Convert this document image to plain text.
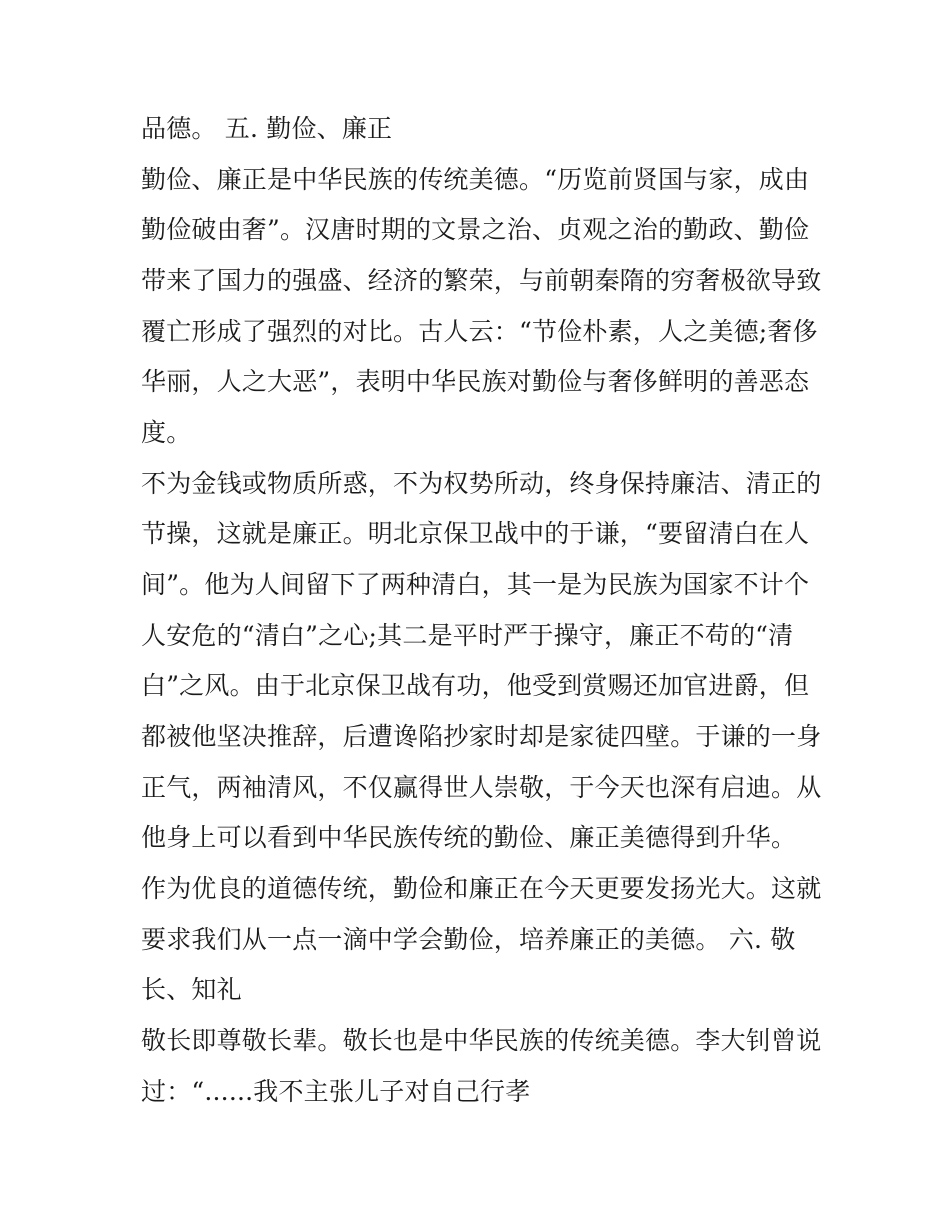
品德。 五. 勤俭、廉正

勤俭、廉正是中华民族的传统美德。“历览前贤国与家，成由

勤俭破由奢”。汉唐时期的文景之治、贞观之治的勤政、勤俭

带来了国力的强盛、经济的繁荣，与前朝秦隋的穷奢极欲导致

覆亡形成了强烈的对比。古人云：“节俭朴素，人之美德;奢侈

华丽，人之大恶”，表明中华民族对勤俭与奢侈鲜明的善恶态

度。

不为金钱或物质所惑，不为权势所动，终身保持廉洁、清正的

节操，这就是廉正。明北京保卫战中的于谦，“要留清白在人

间”。他为人间留下了两种清白，其一是为民族为国家不计个

人安危的“清白”之心;其二是平时严于操守，廉正不苟的“清

白”之风。由于北京保卫战有功，他受到赏赐还加官进爵，但

都被他坚决推辞，后遭谗陷抄家时却是家徒四壁。于谦的一身

正气，两袖清风，不仅赢得世人崇敬，于今天也深有启迪。从

他身上可以看到中华民族传统的勤俭、廉正美德得到升华。

作为优良的道德传统，勤俭和廉正在今天更要发扬光大。这就

要求我们从一点一滴中学会勤俭，培养廉正的美德。 六. 敬

长、知礼

敬长即尊敬长辈。敬长也是中华民族的传统美德。李大钊曾说

过：“......我不主张儿子对自己行孝
